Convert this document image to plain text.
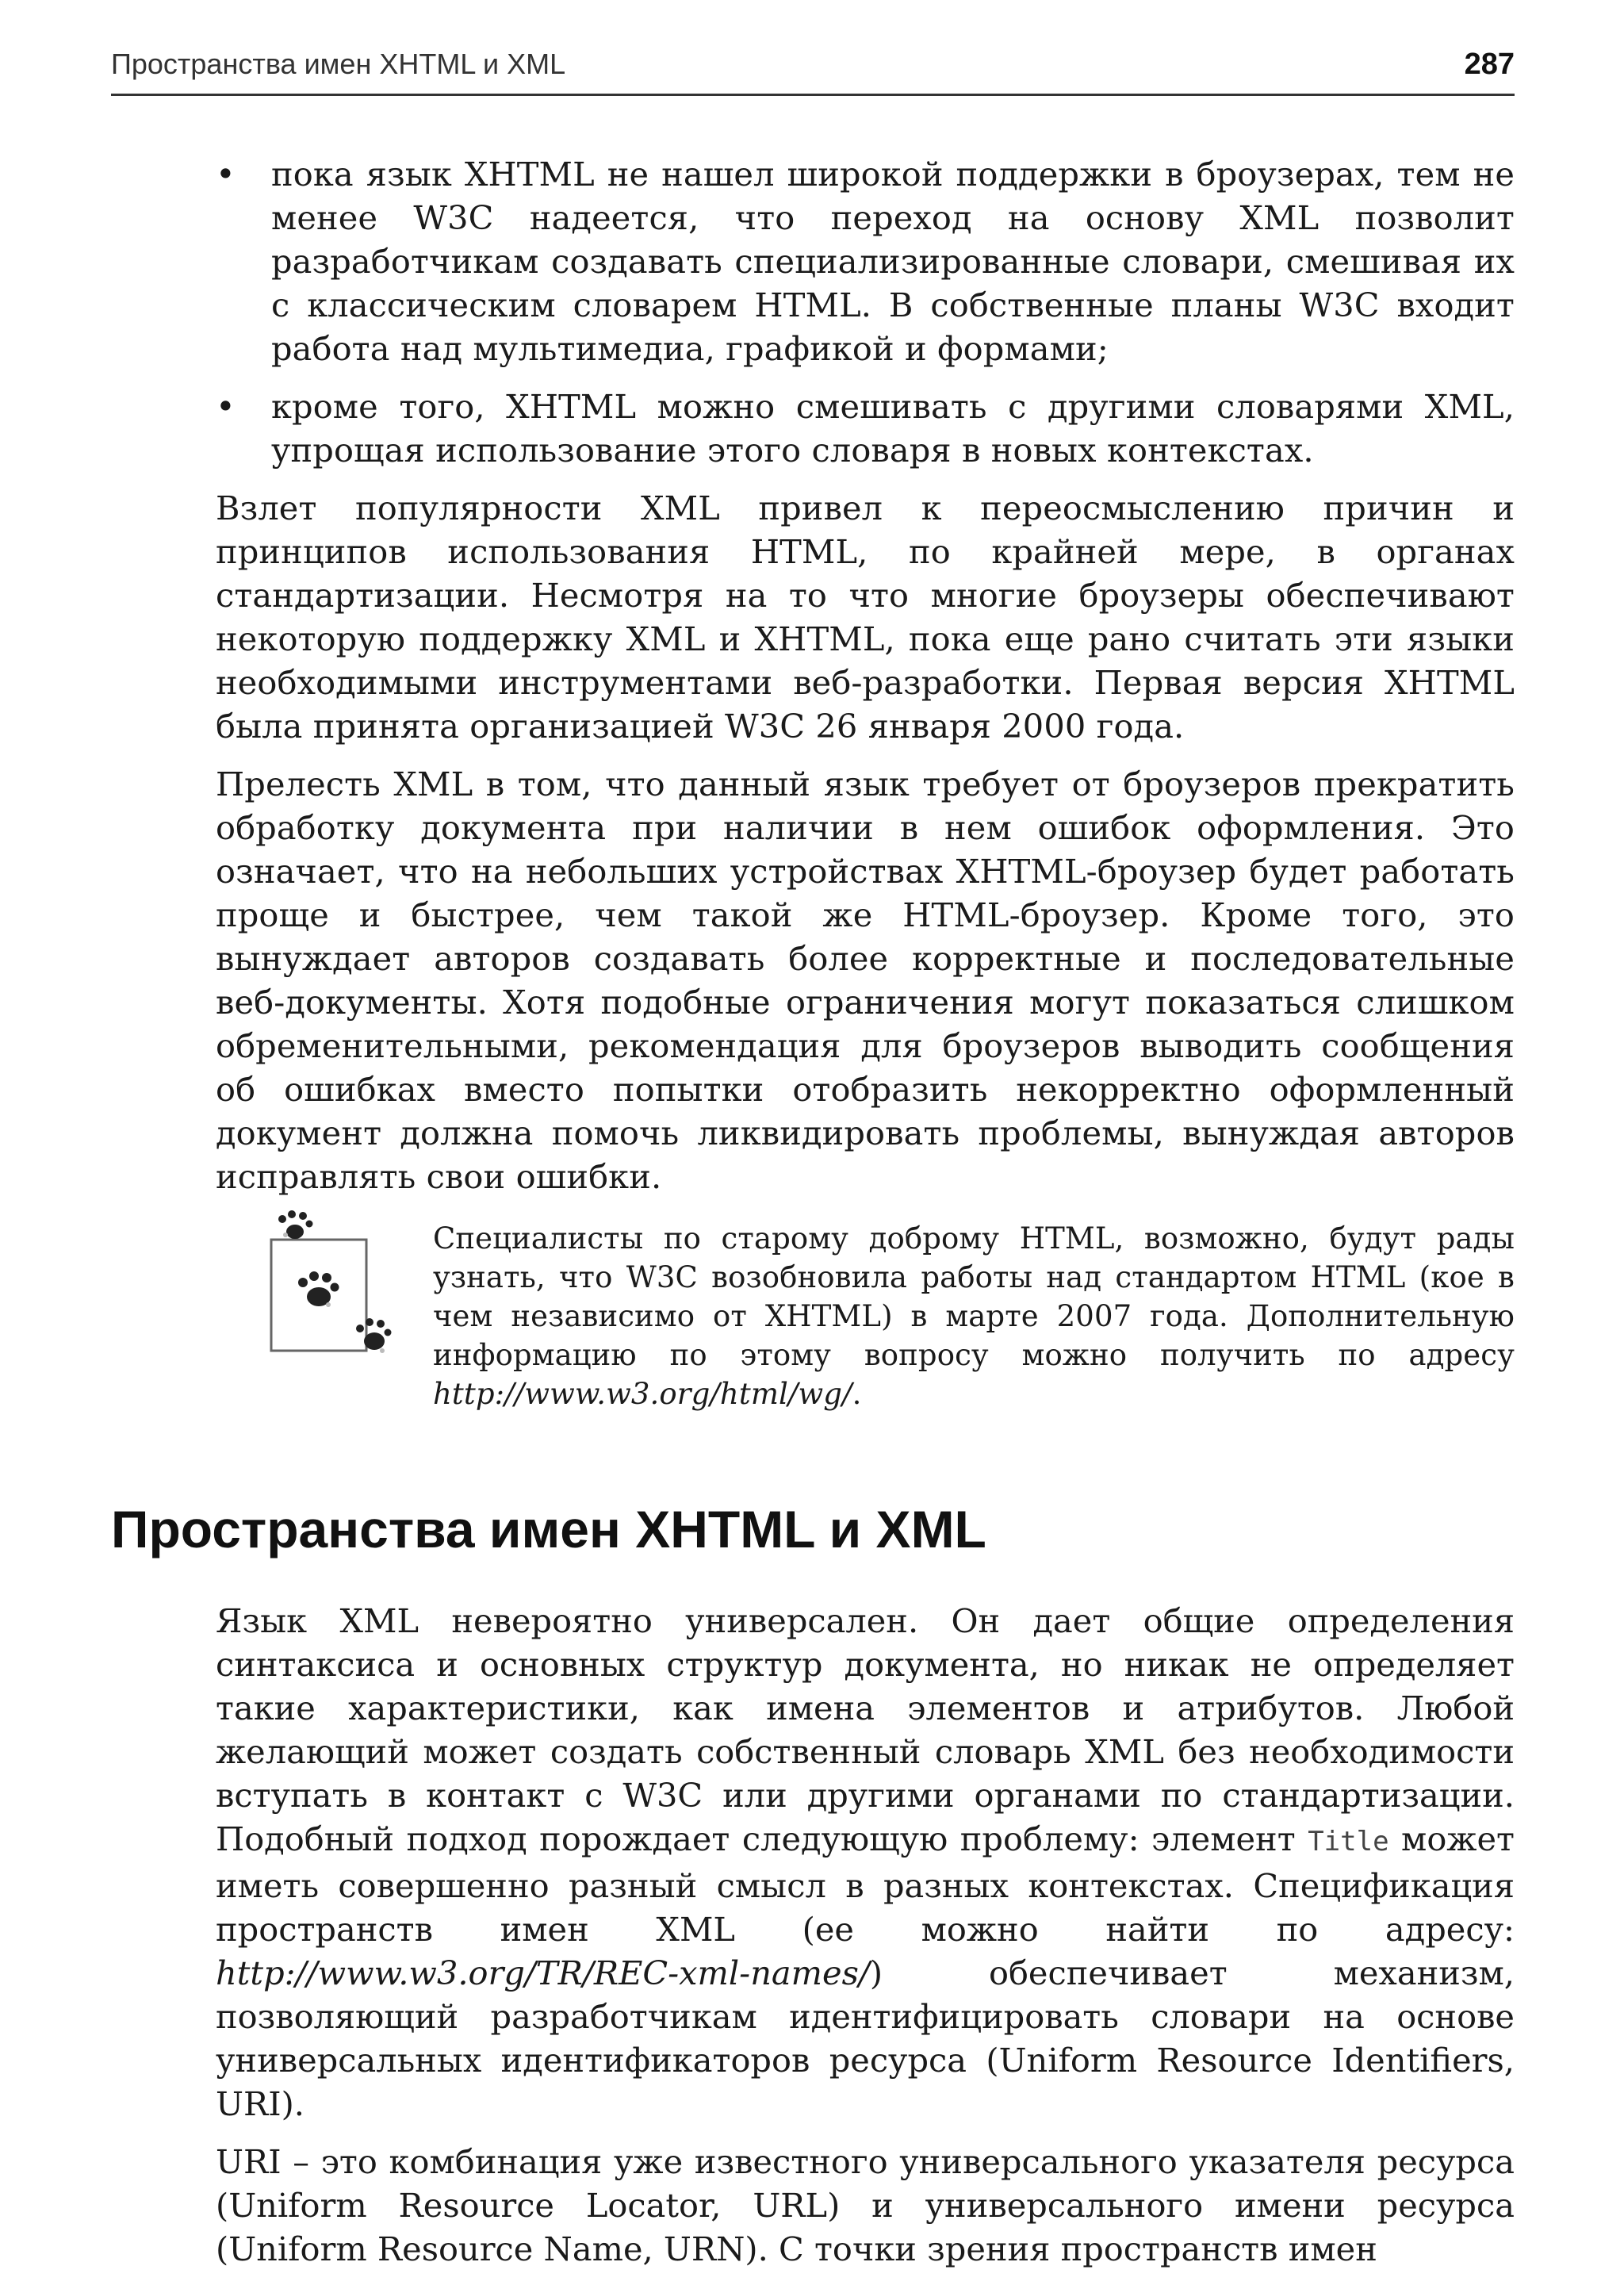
Пространства имен XHTML и XML	287
• пока язык XHTML не нашел широкой поддержки в броузерах, тем не менее W3C надеется, что переход на основу XML позволит разработчикам создавать специализированные словари, смешивая их с классическим словарем HTML. В собственные планы W3C входит работа над мультимедиа, графикой и формами;
• кроме того, XHTML можно смешивать с другими словарями XML, упрощая использование этого словаря в новых контекстах.

Взлет популярности XML привел к переосмыслению причин и принципов использования HTML, по крайней мере, в органах стандартизации. Несмотря на то что многие броузеры обеспечивают некоторую поддержку XML и XHTML, пока еще рано считать эти языки необходимыми инструментами веб-разработки. Первая версия XHTML была принята организацией W3C 26 января 2000 года.

Прелесть XML в том, что данный язык требует от броузеров прекратить обработку документа при наличии в нем ошибок оформления. Это означает, что на небольших устройствах XHTML-броузер будет работать проще и быстрее, чем такой же HTML-броузер. Кроме того, это вынуждает авторов создавать более корректные и последовательные веб-документы. Хотя подобные ограничения могут показаться слишком обременительными, рекомендация для броузеров выводить сообщения об ошибках вместо попытки отобразить некорректно оформленный документ должна помочь ликвидировать проблемы, вынуждая авторов исправлять свои ошибки.

Специалисты по старому доброму HTML, возможно, будут рады узнать, что W3C возобновила работы над стандартом HTML (кое в чем независимо от XHTML) в марте 2007 года. Дополнительную информацию по этому вопросу можно получить по адресу http://www.w3.org/html/wg/.

Пространства имен XHTML и XML

Язык XML невероятно универсален. Он дает общие определения синтаксиса и основных структур документа, но никак не определяет такие характеристики, как имена элементов и атрибутов. Любой желающий может создать собственный словарь XML без необходимости вступать в контакт с W3C или другими органами по стандартизации. Подобный подход порождает следующую проблему: элемент Title может иметь совершенно разный смысл в разных контекстах. Спецификация пространств имен XML (ее можно найти по адресу: http://www.w3.org/TR/REC-xml-names/) обеспечивает механизм, позволяющий разработчикам идентифицировать словари на основе универсальных идентификаторов ресурса (Uniform Resource Identifiers, URI).

URI – это комбинация уже известного универсального указателя ресурса (Uniform Resource Locator, URL) и универсального имени ресурса (Uniform Resource Name, URN). С точки зрения пространств имен
